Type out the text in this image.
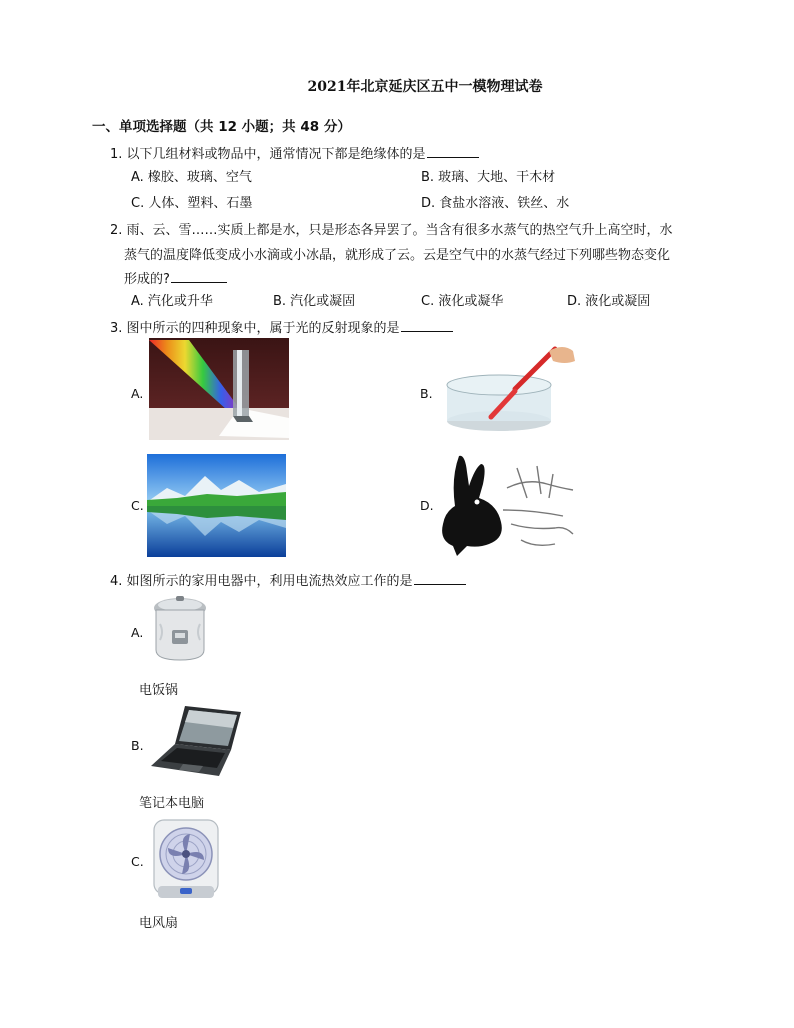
2021年北京延庆区五中一模物理试卷
一、单项选择题（共 12 小题；共 48 分）
1. 以下几组材料或物品中，通常情况下都是绝缘体的是
A. 橡胶、玻璃、空气	B. 玻璃、大地、干木材
C. 人体、塑料、石墨	D. 食盐水溶液、铁丝、水
2. 雨、云、雪……实质上都是水，只是形态各异罢了。当含有很多水蒸气的热空气升上高空时，水
蒸气的温度降低变成小水滴或小冰晶，就形成了云。云是空气中的水蒸气经过下列哪些物态变化
形成的?
A. 汽化或升华	B. 汽化或凝固	C. 液化或凝华	D. 液化或凝固
3. 图中所示的四种现象中，属于光的反射现象的是
A.	B.
C.	D.
4. 如图所示的家用电器中，利用电流热效应工作的是
A.
电饭锅
B.
笔记本电脑
C.
电风扇
